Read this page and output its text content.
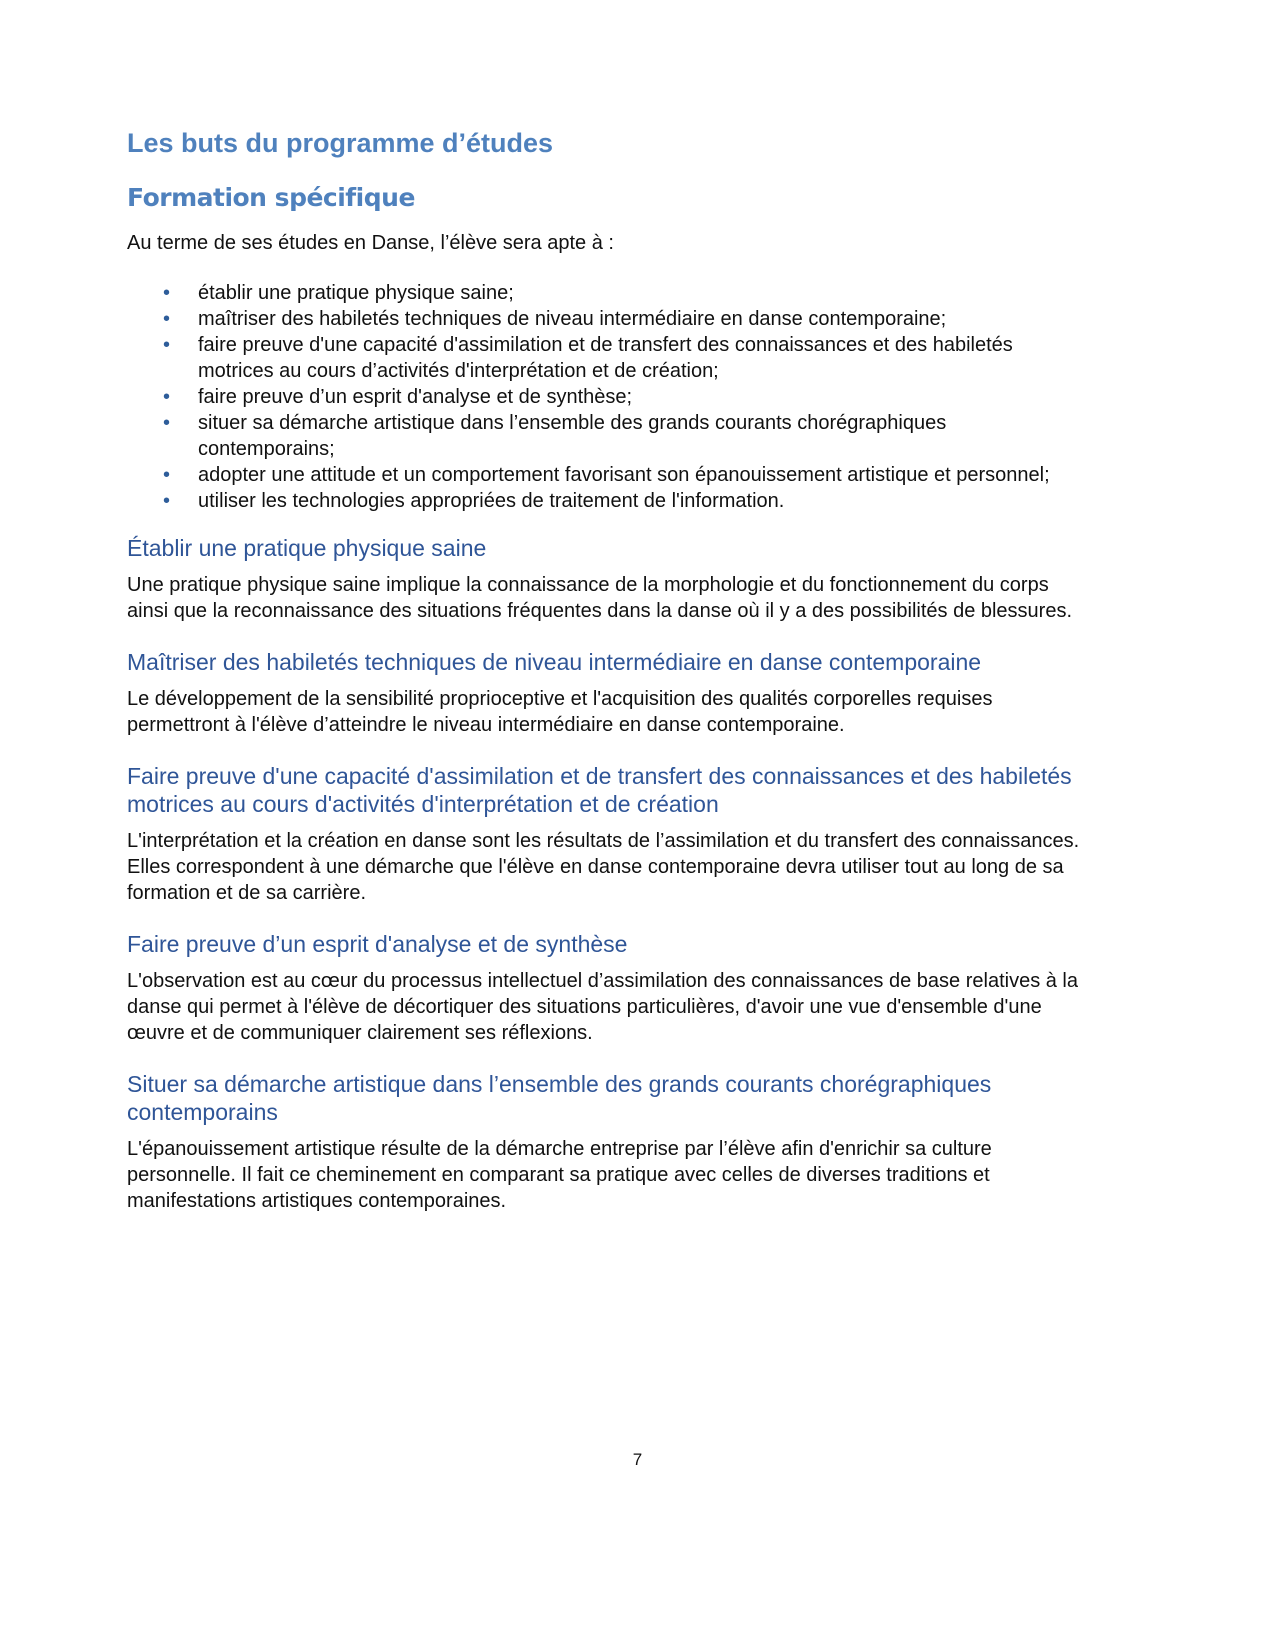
Les buts du programme d’études
Formation spécifique

Au terme de ses études en Danse, l’élève sera apte à :

• établir une pratique physique saine;
• maîtriser des habiletés techniques de niveau intermédiaire en danse contemporaine;
• faire preuve d'une capacité d'assimilation et de transfert des connaissances et des habiletés motrices au cours d’activités d'interprétation et de création;
• faire preuve d’un esprit d'analyse et de synthèse;
• situer sa démarche artistique dans l’ensemble des grands courants chorégraphiques contemporains;
• adopter une attitude et un comportement favorisant son épanouissement artistique et personnel;
• utiliser les technologies appropriées de traitement de l'information.
Établir une pratique physique saine

Une pratique physique saine implique la connaissance de la morphologie et du fonctionnement du corps ainsi que la reconnaissance des situations fréquentes dans la danse où il y a des possibilités de blessures.

Maîtriser des habiletés techniques de niveau intermédiaire en danse contemporaine

Le développement de la sensibilité proprioceptive et l'acquisition des qualités corporelles requises permettront à l'élève d’atteindre le niveau intermédiaire en danse contemporaine.

Faire preuve d'une capacité d'assimilation et de transfert des connaissances et des habiletés motrices au cours d'activités d'interprétation et de création

L'interprétation et la création en danse sont les résultats de l’assimilation et du transfert des connaissances. Elles correspondent à une démarche que l'élève en danse contemporaine devra utiliser tout au long de sa formation et de sa carrière.

Faire preuve d’un esprit d'analyse et de synthèse

L'observation est au cœur du processus intellectuel d’assimilation des connaissances de base relatives à la danse qui permet à l'élève de décortiquer des situations particulières, d'avoir une vue d'ensemble d'une œuvre et de communiquer clairement ses réflexions.

Situer sa démarche artistique dans l’ensemble des grands courants chorégraphiques contemporains

L'épanouissement artistique résulte de la démarche entreprise par l’élève afin d'enrichir sa culture personnelle. Il fait ce cheminement en comparant sa pratique avec celles de diverses traditions et manifestations artistiques contemporaines.

7
